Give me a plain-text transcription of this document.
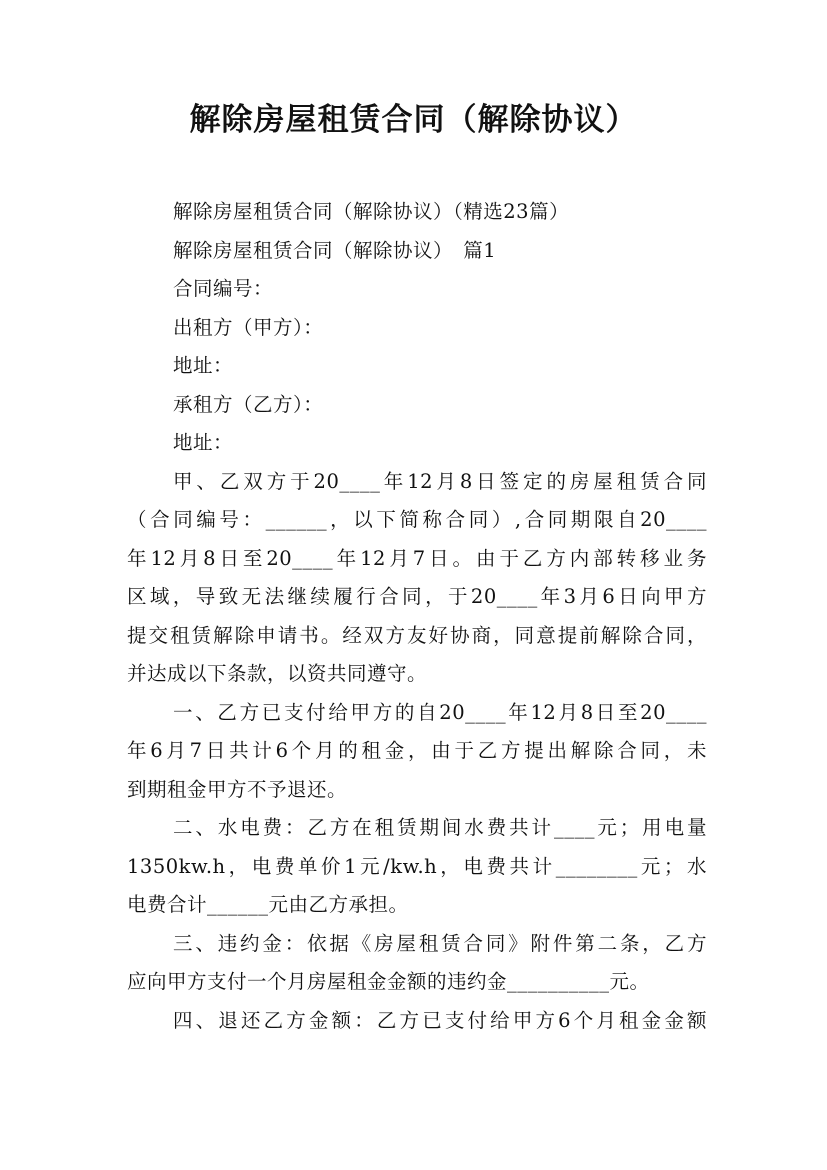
解除房屋租赁合同（解除协议）
解除房屋租赁合同（解除协议）（精选23篇）
解除房屋租赁合同（解除协议）　篇1
合同编号：
出租方（甲方）：
地址：
承租方（乙方）：
地址：
甲、乙双方于20____年12月8日签定的房屋租赁合同
（合同编号：______，以下简称合同）,合同期限自20____
年12月8日至20____年12月7日。由于乙方内部转移业务
区域，导致无法继续履行合同，于20____年3月6日向甲方
提交租赁解除申请书。经双方友好协商，同意提前解除合同，
并达成以下条款，以资共同遵守。
一、乙方已支付给甲方的自20____年12月8日至20____
年6月7日共计6个月的租金，由于乙方提出解除合同，未
到期租金甲方不予退还。
二、水电费：乙方在租赁期间水费共计____元；用电量
1350kw.h，电费单价1元/kw.h，电费共计________元；水
电费合计______元由乙方承担。
三、违约金：依据《房屋租赁合同》附件第二条，乙方
应向甲方支付一个月房屋租金金额的违约金__________元。
四、退还乙方金额：乙方已支付给甲方6个月租金金额
